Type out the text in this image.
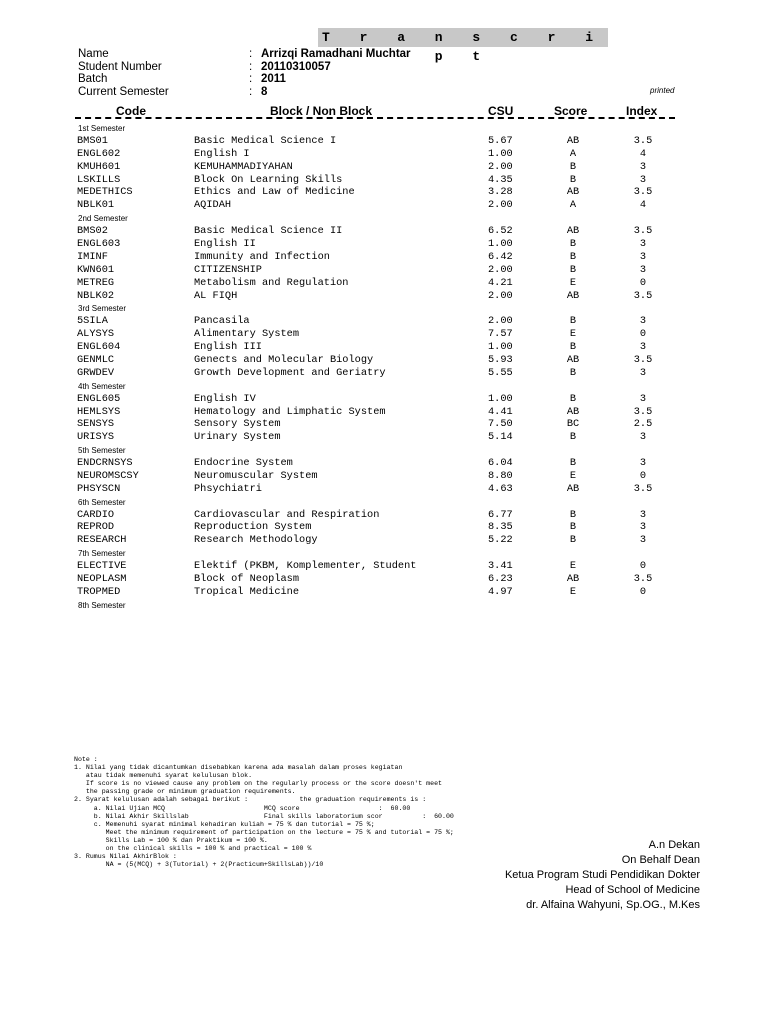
T r a n s c r i p t
Name	: Arrizqi Ramadhani Muchtar
Student Number	: 20110310057
Batch	: 2011
Current Semester	: 8	printed
Code	Block / Non Block	CSU	Score	Index
1st Semester
BMS01	Basic Medical Science I	5.67	AB	3.5
ENGL602	English I	1.00	A	4
KMUH601	KEMUHAMMADIYAHAN	2.00	B	3
LSKILLS	Block On Learning Skills	4.35	B	3
MEDETHICS	Ethics and Law of Medicine	3.28	AB	3.5
NBLK01	AQIDAH	2.00	A	4
2nd Semester
BMS02	Basic Medical Science II	6.52	AB	3.5
ENGL603	English II	1.00	B	3
IMINF	Immunity and Infection	6.42	B	3
KWN601	CITIZENSHIP	2.00	B	3
METREG	Metabolism and Regulation	4.21	E	0
NBLK02	AL FIQH	2.00	AB	3.5
3rd Semester
5SILA	Pancasila	2.00	B	3
ALYSYS	Alimentary System	7.57	E	0
ENGL604	English III	1.00	B	3
GENMLC	Genects and Molecular Biology	5.93	AB	3.5
GRWDEV	Growth Development and Geriatry	5.55	B	3
4th Semester
ENGL605	English IV	1.00	B	3
HEMLSYS	Hematology and Limphatic System	4.41	AB	3.5
SENSYS	Sensory System	7.50	BC	2.5
URISYS	Urinary System	5.14	B	3
5th Semester
ENDCRNSYS	Endocrine System	6.04	B	3
NEUROMSCSY	Neuromuscular System	8.80	E	0
PHSYSCN	Phsychiatri	4.63	AB	3.5
6th Semester
CARDIO	Cardiovascular and Respiration	6.77	B	3
REPROD	Reproduction System	8.35	B	3
RESEARCH	Research Methodology	5.22	B	3
7th Semester
ELECTIVE	Elektif (PKBM, Komplementer, Student	3.41	E	0
NEOPLASM	Block of Neoplasm	6.23	AB	3.5
TROPMED	Tropical Medicine	4.97	E	0
8th Semester
Note :
1. Nilai yang tidak dicantumkan disebabkan karena ada masalah dalam proses kegiatan
atau tidak memenuhi syarat kelulusan blok.
If score is no viewed cause any problem on the regularly process or the score doesn't meet
the passing grade or minimum graduation requirements.
2. Syarat kelulusan adalah sebagai berikut :             the graduation requirements is :
a. Nilai Ujian MCQ                         MCQ score                    :  60.00
b. Nilai Akhir Skillslab                   Final skills laboratorium scor          :  60.00
c. Memenuhi syarat minimal kehadiran kuliah = 75 % dan tutorial = 75 %;
Meet the minimum requirement of participation on the lecture = 75 % and tutorial = 75 %;
Skills Lab = 100 % dan Praktikum = 100 %.
on the clinical skills = 100 % and practical = 100 %
3. Rumus Nilai AkhirBlok :
NA = (5(MCQ) + 3(Tutorial) + 2(Practicum+SkillsLab))/10
A.n Dekan
On Behalf Dean
Ketua Program Studi Pendidikan Dokter
Head of School of Medicine
dr. Alfaina Wahyuni, Sp.OG., M.Kes
